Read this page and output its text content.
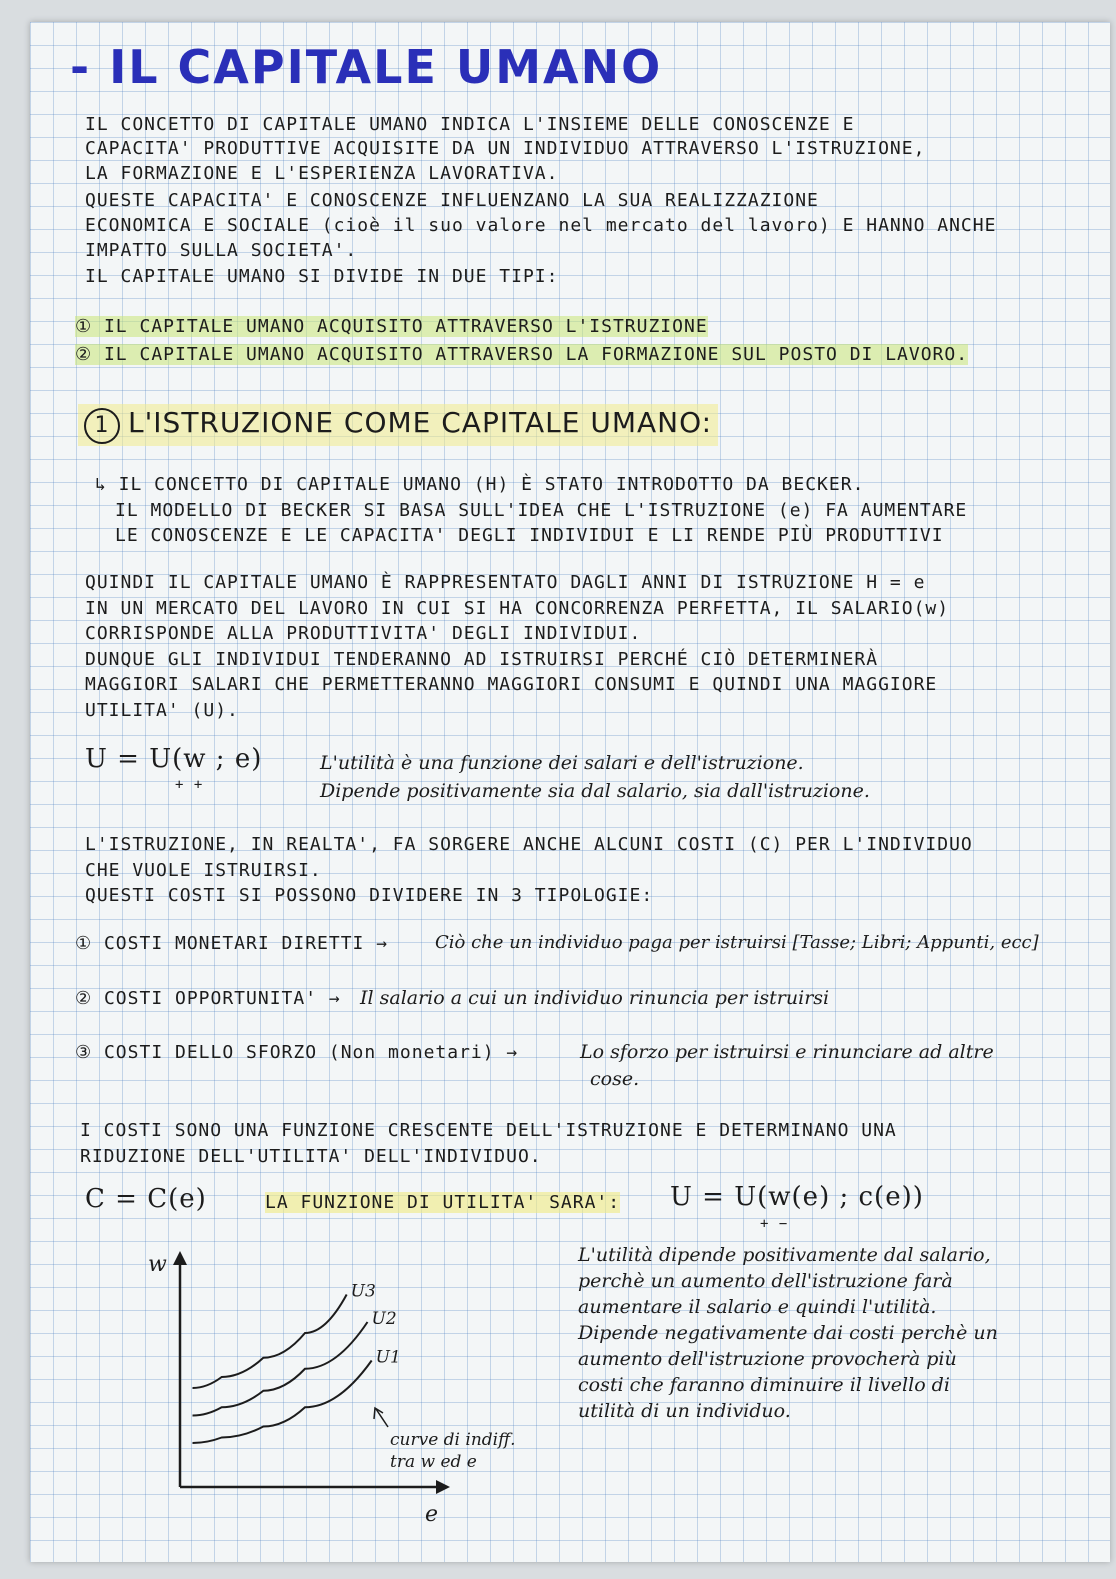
- IL CAPITALE UMANO
IL CONCETTO DI CAPITALE UMANO INDICA L'INSIEME DELLE CONOSCENZE E
CAPACITA' PRODUTTIVE ACQUISITE DA UN INDIVIDUO ATTRAVERSO L'ISTRUZIONE,
LA FORMAZIONE E L'ESPERIENZA LAVORATIVA.
QUESTE CAPACITA' E CONOSCENZE INFLUENZANO LA SUA REALIZZAZIONE
ECONOMICA E SOCIALE (cioè il suo valore nel mercato del lavoro) E HANNO ANCHE
IMPATTO SULLA SOCIETA'.
IL CAPITALE UMANO SI DIVIDE IN DUE TIPI:
① IL CAPITALE UMANO ACQUISITO ATTRAVERSO L'ISTRUZIONE
② IL CAPITALE UMANO ACQUISITO ATTRAVERSO LA FORMAZIONE SUL POSTO DI LAVORO.
1 L'ISTRUZIONE COME CAPITALE UMANO:
↳ IL CONCETTO DI CAPITALE UMANO (H) È STATO INTRODOTTO DA BECKER.
IL MODELLO DI BECKER SI BASA SULL'IDEA CHE L'ISTRUZIONE (e) FA AUMENTARE
LE CONOSCENZE E LE CAPACITA' DEGLI INDIVIDUI E LI RENDE PIÙ PRODUTTIVI
QUINDI IL CAPITALE UMANO È RAPPRESENTATO DAGLI ANNI DI ISTRUZIONE H = e
IN UN MERCATO DEL LAVORO IN CUI SI HA CONCORRENZA PERFETTA, IL SALARIO(w)
CORRISPONDE ALLA PRODUTTIVITA' DEGLI INDIVIDUI.
DUNQUE GLI INDIVIDUI TENDERANNO AD ISTRUIRSI PERCHÉ CIÒ DETERMINERÀ
MAGGIORI SALARI CHE PERMETTERANNO MAGGIORI CONSUMI E QUINDI UNA MAGGIORE
UTILITA' (U).
U = U(w ; e)
+ +
L'utilità è una funzione dei salari e dell'istruzione.
Dipende positivamente sia dal salario, sia dall'istruzione.
L'ISTRUZIONE, IN REALTA', FA SORGERE ANCHE ALCUNI COSTI (C) PER L'INDIVIDUO
CHE VUOLE ISTRUIRSI.
QUESTI COSTI SI POSSONO DIVIDERE IN 3 TIPOLOGIE:
① COSTI MONETARI DIRETTI →	Ciò che un individuo paga per istruirsi [Tasse; Libri; Appunti, ecc]
② COSTI OPPORTUNITA' → Il salario a cui un individuo rinuncia per istruirsi
③ COSTI DELLO SFORZO (Non monetari) →	Lo sforzo per istruirsi e rinunciare ad altre
cose.
I COSTI SONO UNA FUNZIONE CRESCENTE DELL'ISTRUZIONE E DETERMINANO UNA
RIDUZIONE DELL'UTILITA' DELL'INDIVIDUO.
C = C(e)	LA FUNZIONE DI UTILITA' SARA': U = U(w(e) ; c(e))
+ −
L'utilità dipende positivamente dal salario,
perchè un aumento dell'istruzione farà
aumentare il salario e quindi l'utilità.
Dipende negativamente dai costi perchè un
aumento dell'istruzione provocherà più
costi che faranno diminuire il livello di
utilità di un individuo.
w
e
U3
U2
U1
curve di indiff.
tra w ed e
